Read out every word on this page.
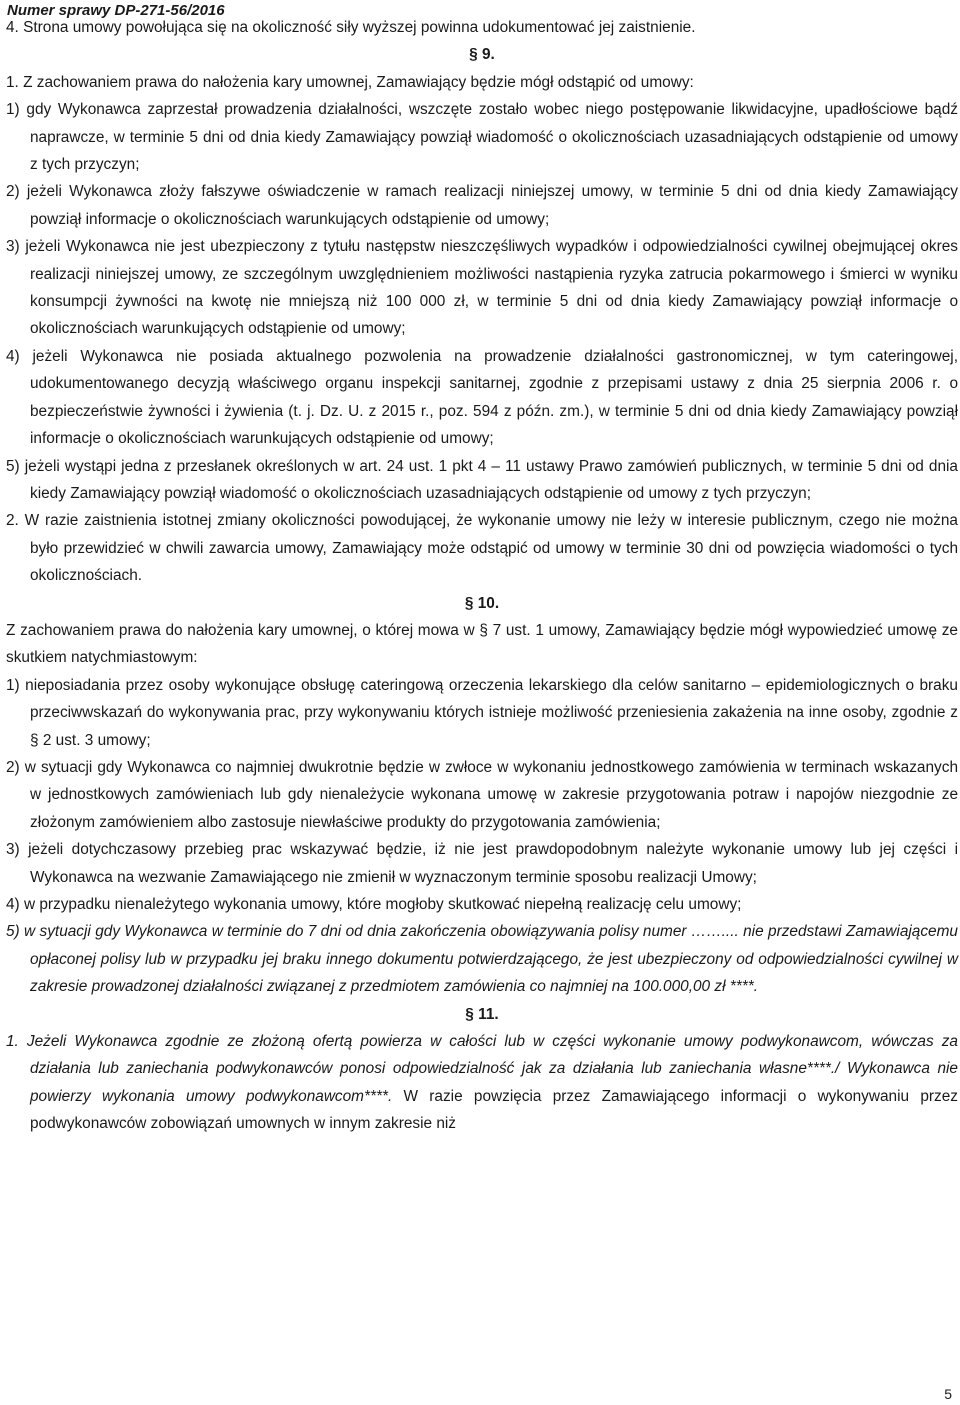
Numer sprawy DP-271-56/2016

4. Strona umowy powołująca się na okoliczność siły wyższej powinna udokumentować jej zaistnienie.

§ 9.

1. Z zachowaniem prawa do nałożenia kary umownej, Zamawiający będzie mógł odstąpić od umowy:

1) gdy Wykonawca zaprzestał prowadzenia działalności, wszczęte zostało wobec niego postępowanie likwidacyjne, upadłościowe bądź naprawcze, w terminie 5 dni od dnia kiedy Zamawiający powziął wiadomość o okolicznościach uzasadniających odstąpienie od umowy z tych przyczyn;

2) jeżeli Wykonawca złoży fałszywe oświadczenie w ramach realizacji niniejszej umowy, w terminie 5 dni od dnia kiedy Zamawiający powziął informacje o okolicznościach warunkujących odstąpienie od umowy;

3) jeżeli Wykonawca nie jest ubezpieczony z tytułu następstw nieszczęśliwych wypadków i odpowiedzialności cywilnej obejmującej okres realizacji niniejszej umowy, ze szczególnym uwzględnieniem możliwości nastąpienia ryzyka zatrucia pokarmowego i śmierci w wyniku konsumpcji żywności na kwotę nie mniejszą niż 100 000 zł, w terminie 5 dni od dnia kiedy Zamawiający powziął informacje o okolicznościach warunkujących odstąpienie od umowy;

4) jeżeli Wykonawca nie posiada aktualnego pozwolenia na prowadzenie działalności gastronomicznej, w tym cateringowej, udokumentowanego decyzją właściwego organu inspekcji sanitarnej, zgodnie z przepisami ustawy z dnia 25 sierpnia 2006 r. o bezpieczeństwie żywności i żywienia (t. j. Dz. U. z 2015 r., poz. 594 z późn. zm.), w terminie 5 dni od dnia kiedy Zamawiający powziął informacje o okolicznościach warunkujących odstąpienie od umowy;

5) jeżeli wystąpi jedna z przesłanek określonych w art. 24 ust. 1 pkt 4 – 11 ustawy Prawo zamówień publicznych, w terminie 5 dni od dnia kiedy Zamawiający powziął wiadomość o okolicznościach uzasadniających odstąpienie od umowy z tych przyczyn;

2. W razie zaistnienia istotnej zmiany okoliczności powodującej, że wykonanie umowy nie leży w interesie publicznym, czego nie można było przewidzieć w chwili zawarcia umowy, Zamawiający może odstąpić od umowy w terminie 30 dni od powzięcia wiadomości o tych okolicznościach.

§ 10.

Z zachowaniem prawa do nałożenia kary umownej, o której mowa w § 7 ust. 1 umowy, Zamawiający będzie mógł wypowiedzieć umowę ze skutkiem natychmiastowym:

1) nieposiadania przez osoby wykonujące obsługę cateringową orzeczenia lekarskiego dla celów sanitarno – epidemiologicznych o braku przeciwwskazań do wykonywania prac, przy wykonywaniu których istnieje możliwość przeniesienia zakażenia na inne osoby, zgodnie z § 2 ust. 3 umowy;

2) w sytuacji gdy Wykonawca co najmniej dwukrotnie będzie w zwłoce w wykonaniu jednostkowego zamówienia w terminach wskazanych w jednostkowych zamówieniach lub gdy nienależycie wykonana umowę w zakresie przygotowania potraw i napojów niezgodnie ze złożonym zamówieniem albo zastosuje niewłaściwe produkty do przygotowania zamówienia;

3) jeżeli dotychczasowy przebieg prac wskazywać będzie, iż nie jest prawdopodobnym należyte wykonanie umowy lub jej części i Wykonawca na wezwanie Zamawiającego nie zmienił w wyznaczonym terminie sposobu realizacji Umowy;

4) w przypadku nienależytego wykonania umowy, które mogłoby skutkować niepełną realizację celu umowy;

5) w sytuacji gdy Wykonawca w terminie do 7 dni od dnia zakończenia obowiązywania polisy numer …….... nie przedstawi Zamawiającemu opłaconej polisy lub w przypadku jej braku innego dokumentu potwierdzającego, że jest ubezpieczony od odpowiedzialności cywilnej w zakresie prowadzonej działalności związanej z przedmiotem zamówienia co najmniej na 100.000,00 zł ****.

§ 11.

1. Jeżeli Wykonawca zgodnie ze złożoną ofertą powierza w całości lub w części wykonanie umowy podwykonawcom, wówczas za działania lub zaniechania podwykonawców ponosi odpowiedzialność jak za działania lub zaniechania własne****./ Wykonawca nie powierzy wykonania umowy podwykonawcom****. W razie powzięcia przez Zamawiającego informacji o wykonywaniu przez podwykonawców zobowiązań umownych w innym zakresie niż

5
